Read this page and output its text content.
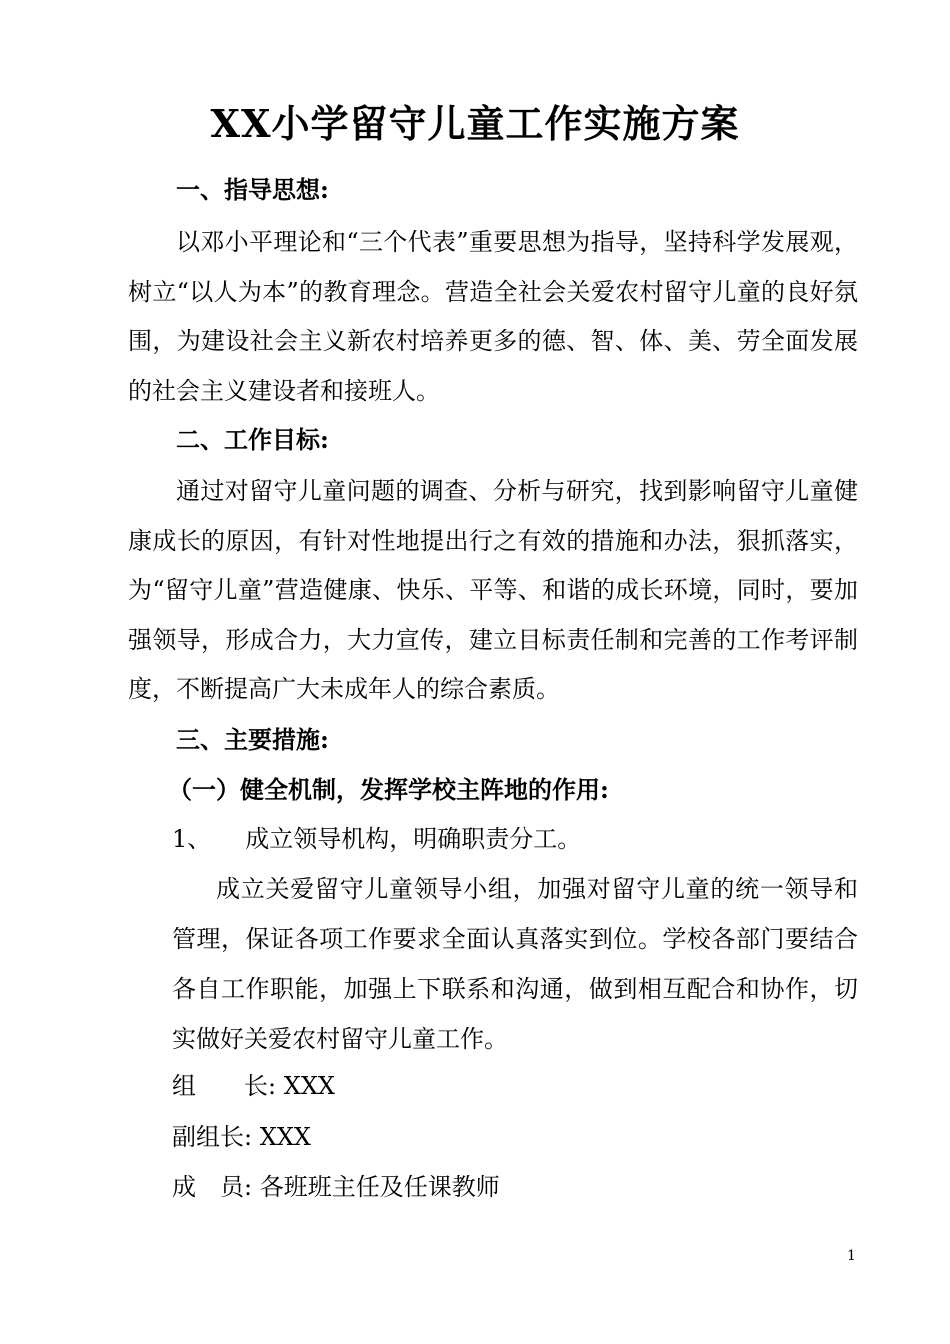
XX小学留守儿童工作实施方案
一、指导思想:
以邓小平理论和“三个代表”重要思想为指导，坚持科学发展观，树立“以人为本”的教育理念。营造全社会关爱农村留守儿童的良好氛围，为建设社会主义新农村培养更多的德、智、体、美、劳全面发展的社会主义建设者和接班人。
二、工作目标:
通过对留守儿童问题的调查、分析与研究，找到影响留守儿童健康成长的原因，有针对性地提出行之有效的措施和办法，狠抓落实，为“留守儿童”营造健康、快乐、平等、和谐的成长环境，同时，要加强领导，形成合力，大力宣传，建立目标责任制和完善的工作考评制度，不断提高广大未成年人的综合素质。
三、主要措施:
（一）健全机制，发挥学校主阵地的作用:
1、 成立领导机构，明确职责分工。
成立关爱留守儿童领导小组，加强对留守儿童的统一领导和管理，保证各项工作要求全面认真落实到位。学校各部门要结合各自工作职能，加强上下联系和沟通，做到相互配合和协作，切实做好关爱农村留守儿童工作。
组　　长: XXX
副组长: XXX
成　员: 各班班主任及任课教师
1
